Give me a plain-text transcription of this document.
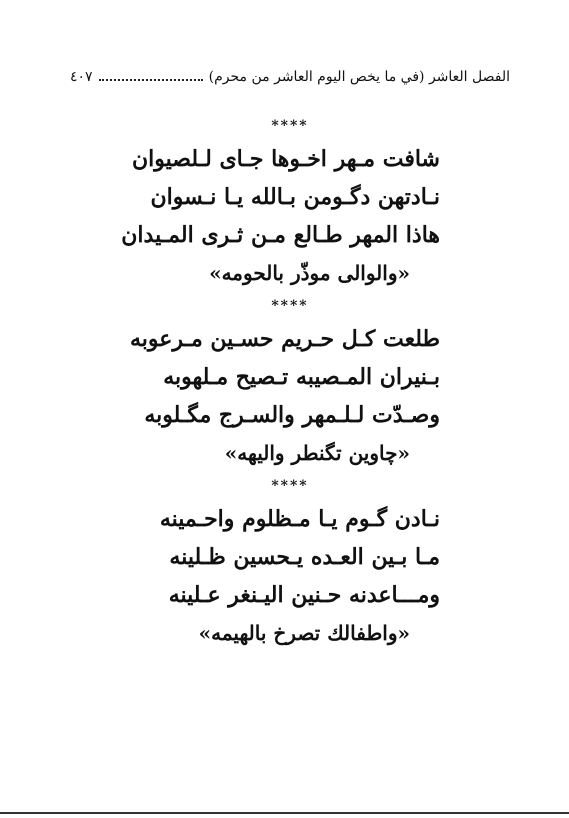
الفصل العاشر (في ما يخص اليوم العاشر من محرم)
٤٠٧
****
شافت مـهر اخـوها جـاى لـلصيوان
نـادتهن دگـومن بـالله يـا نـسوان
هاذا المهر طـالع مـن ثـرى المـيدان
«والوالى موذّر بالحومه»
****
طلعت كـل حـريم حسـين مـرعوبه
بـنيران المـصيبه تـصيح مـلهوبه
وصـدّت لـلـمهر والسـرج مگـلوبه
«چاوين تگنطر واليهه»
****
نـادن گـوم يـا مـظلوم واحـمينه
مـا بـين العـده يـحسين ظـلينه
ومـــاعدنه حـنين اليـنغر عـلينه
«واطفالك تصرخ بالهيمه»
